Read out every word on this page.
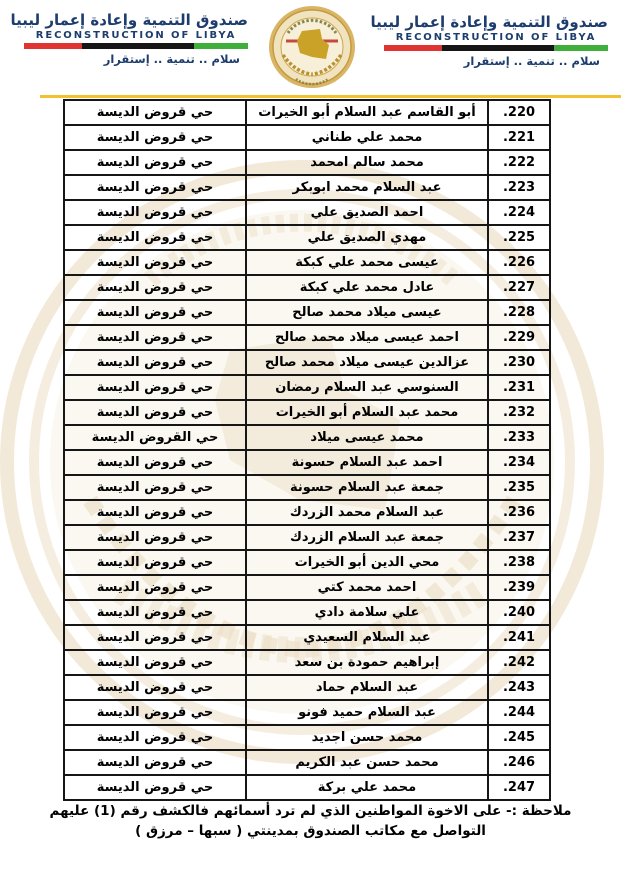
صندوق التنمية وإعادة إعمار ليبيا
RECONSTRUCTION OF LIBYA
سلام .. تنمية .. إستقرار
صندوق التنمية وإعادة إعمار ليبيا
RECONSTRUCTION OF LIBYA
سلام .. تنمية .. إستقرار
220.	أبو القاسم عبد السلام أبو الخيرات	حي قروض الديسة
221.	محمد علي طناني	حي قروض الديسة
222.	محمد سالم امحمد	حي قروض الديسة
223.	عبد السلام محمد ابوبكر	حي قروض الديسة
224.	احمد الصديق علي	حي قروض الديسة
225.	مهدي الصديق علي	حي قروض الديسة
226.	عيسى محمد علي كبكة	حي قروض الديسة
227.	عادل محمد علي كبكة	حي قروض الديسة
228.	عيسى ميلاد محمد صالح	حي قروض الديسة
229.	احمد عيسى ميلاد محمد صالح	حي قروض الديسة
230.	عزالدين عيسى ميلاد محمد صالح	حي قروض الديسة
231.	السنوسي عبد السلام رمضان	حي قروض الديسة
232.	محمد عبد السلام أبو الخيرات	حي قروض الديسة
233.	محمد عيسى ميلاد	حي القروض الديسة
234.	احمد عبد السلام حسونة	حي قروض الديسة
235.	جمعة عبد السلام حسونة	حي قروض الديسة
236.	عبد السلام محمد الزردك	حي قروض الديسة
237.	جمعة عبد السلام الزردك	حي قروض الديسة
238.	محي الدين أبو الخيرات	حي قروض الديسة
239.	احمد محمد كتي	حي قروض الديسة
240.	علي سلامة دادي	حي قروض الديسة
241.	عبد السلام السعيدي	حي قروض الديسة
242.	إبراهيم حمودة بن سعد	حي قروض الديسة
243.	عبد السلام حماد	حي قروض الديسة
244.	عبد السلام حميد فونو	حي قروض الديسة
245.	محمد حسن اجديد	حي قروض الديسة
246.	محمد حسن عبد الكريم	حي قروض الديسة
247.	محمد علي بركة	حي قروض الديسة
ملاحظة :- على الاخوة المواطنين الذي لم ترد أسمائهم فالكشف رقم (1) عليهم
التواصل مع مكاتب الصندوق بمدينتي ( سبها – مرزق )
